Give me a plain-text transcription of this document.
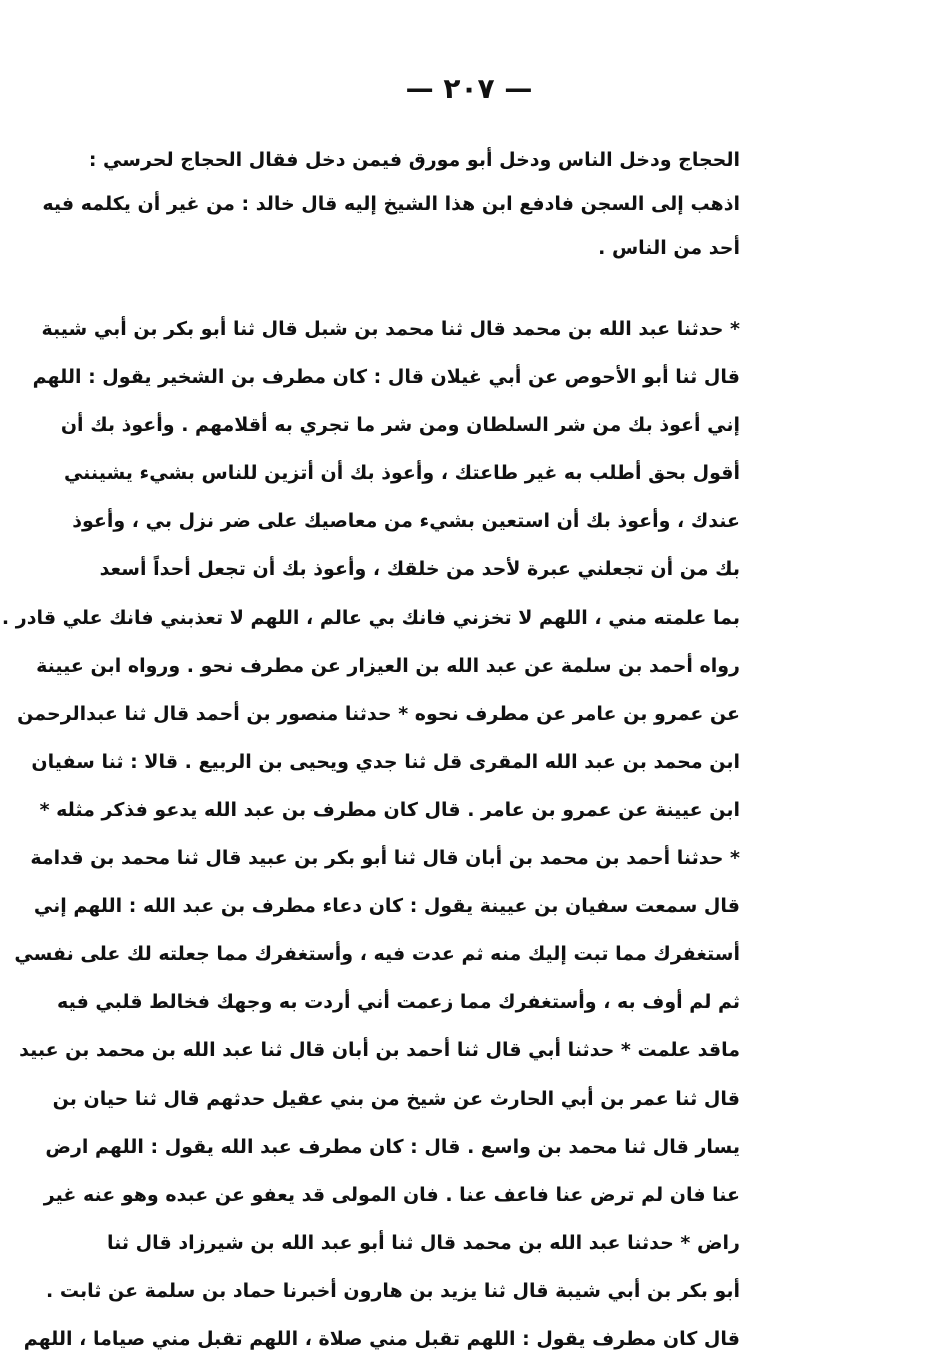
— ٢٠٧ —
الحجاج ودخل الناس ودخل أبو مورق فيمن دخل فقال الحجاج لحرسي :
اذهب إلى السجن فادفع ابن هذا الشيخ إليه قال خالد : من غير أن يكلمه فيه
أحد من الناس .
* حدثنا عبد الله بن محمد قال ثنا محمد بن شبل قال ثنا أبو بكر بن أبي شيبة
قال ثنا أبو الأحوص عن أبي غيلان قال : كان مطرف بن الشخير يقول : اللهم
إني أعوذ بك من شر السلطان ومن شر ما تجري به أقلامهم . وأعوذ بك أن
أقول بحق أطلب به غير طاعتك ، وأعوذ بك أن أتزين للناس بشيء يشينني
عندك ، وأعوذ بك أن استعين بشيء من معاصيك على ضر نزل بي ، وأعوذ
بك من أن تجعلني عبرة لأحد من خلقك ، وأعوذ بك أن تجعل أحداً أسعد
بما علمته مني ، اللهم لا تخزني فانك بي عالم ، اللهم لا تعذبني فانك علي قادر .
رواه أحمد بن سلمة عن عبد الله بن العيزار عن مطرف نحو . ورواه ابن عيينة
عن عمرو بن عامر عن مطرف نحوه * حدثنا منصور بن أحمد قال ثنا عبدالرحمن
ابن محمد بن عبد الله المقرى قل ثنا جدي ويحيى بن الربيع . قالا : ثنا سفيان
ابن عيينة عن عمرو بن عامر . قال كان مطرف بن عبد الله يدعو فذكر مثله *
* حدثنا أحمد بن محمد بن أبان قال ثنا أبو بكر بن عبيد قال ثنا محمد بن قدامة
قال سمعت سفيان بن عيينة يقول : كان دعاء مطرف بن عبد الله : اللهم إني
أستغفرك مما تبت إليك منه ثم عدت فيه ، وأستغفرك مما جعلته لك على نفسي
ثم لم أوف به ، وأستغفرك مما زعمت أني أردت به وجهك فخالط قلبي فيه
ماقد علمت * حدثنا أبي قال ثنا أحمد بن أبان قال ثنا عبد الله بن محمد بن عبيد
قال ثنا عمر بن أبي الحارث عن شيخ من بني عقيل حدثهم قال ثنا حيان بن
يسار قال ثنا محمد بن واسع . قال : كان مطرف عبد الله يقول : اللهم ارض
عنا فان لم ترض عنا فاعف عنا . فان المولى قد يعفو عن عبده وهو عنه غير
راض * حدثنا عبد الله بن محمد قال ثنا أبو عبد الله بن شيرزاد قال ثنا
أبو بكر بن أبي شيبة قال ثنا يزيد بن هارون أخبرنا حماد بن سلمة عن ثابت .
قال كان مطرف يقول : اللهم تقبل مني صلاة ، اللهم تقبل مني صياما ، اللهم
